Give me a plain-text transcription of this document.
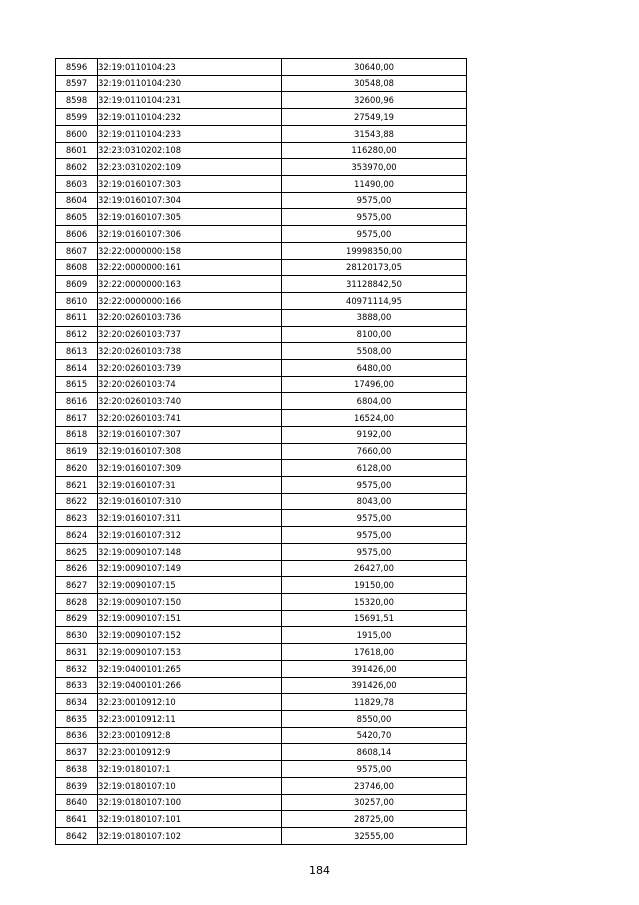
8596	32:19:0110104:23	30640,00
8597	32:19:0110104:230	30548,08
8598	32:19:0110104:231	32600,96
8599	32:19:0110104:232	27549,19
8600	32:19:0110104:233	31543,88
8601	32:23:0310202:108	116280,00
8602	32:23:0310202:109	353970,00
8603	32:19:0160107:303	11490,00
8604	32:19:0160107:304	9575,00
8605	32:19:0160107:305	9575,00
8606	32:19:0160107:306	9575,00
8607	32:22:0000000:158	19998350,00
8608	32:22:0000000:161	28120173,05
8609	32:22:0000000:163	31128842,50
8610	32:22:0000000:166	40971114,95
8611	32:20:0260103:736	3888,00
8612	32:20:0260103:737	8100,00
8613	32:20:0260103:738	5508,00
8614	32:20:0260103:739	6480,00
8615	32:20:0260103:74	17496,00
8616	32:20:0260103:740	6804,00
8617	32:20:0260103:741	16524,00
8618	32:19:0160107:307	9192,00
8619	32:19:0160107:308	7660,00
8620	32:19:0160107:309	6128,00
8621	32:19:0160107:31	9575,00
8622	32:19:0160107:310	8043,00
8623	32:19:0160107:311	9575,00
8624	32:19:0160107:312	9575,00
8625	32:19:0090107:148	9575,00
8626	32:19:0090107:149	26427,00
8627	32:19:0090107:15	19150,00
8628	32:19:0090107:150	15320,00
8629	32:19:0090107:151	15691,51
8630	32:19:0090107:152	1915,00
8631	32:19:0090107:153	17618,00
8632	32:19:0400101:265	391426,00
8633	32:19:0400101:266	391426,00
8634	32:23:0010912:10	11829,78
8635	32:23:0010912:11	8550,00
8636	32:23:0010912:8	5420,70
8637	32:23:0010912:9	8608,14
8638	32:19:0180107:1	9575,00
8639	32:19:0180107:10	23746,00
8640	32:19:0180107:100	30257,00
8641	32:19:0180107:101	28725,00
8642	32:19:0180107:102	32555,00
184
